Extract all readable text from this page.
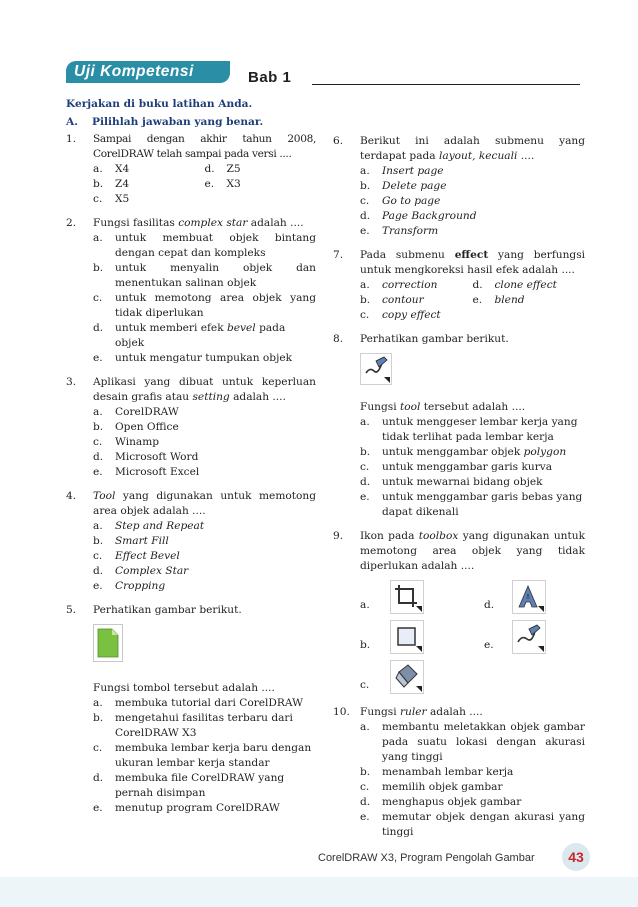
Uji Kompetensi	Bab 1
Kerjakan di buku latihan Anda.
A. Pilihlah jawaban yang benar.
1. Sampai dengan akhir tahun 2008, CorelDRAW telah sampai pada versi ....
a. X4	d. Z5
b. Z4	e. X3
c. X5
2. Fungsi fasilitas complex star adalah ....
a. untuk membuat objek bintang dengan cepat dan kompleks
b. untuk menyalin objek dan menentukan salinan objek
c. untuk memotong area objek yang tidak diperlukan
d. untuk memberi efek bevel pada objek
e. untuk mengatur tumpukan objek
3. Aplikasi yang dibuat untuk keperluan desain grafis atau setting adalah ....
a. CorelDRAW
b. Open Office
c. Winamp
d. Microsoft Word
e. Microsoft Excel
4. Tool yang digunakan untuk memotong area objek adalah ....
a. Step and Repeat
b. Smart Fill
c. Effect Bevel
d. Complex Star
e. Cropping
5. Perhatikan gambar berikut.
Fungsi tombol tersebut adalah ....
a. membuka tutorial dari CorelDRAW
b. mengetahui fasilitas terbaru dari CorelDRAW X3
c. membuka lembar kerja baru dengan ukuran lembar kerja standar
d. membuka file CorelDRAW yang pernah disimpan
e. menutup program CorelDRAW
6. Berikut ini adalah submenu yang terdapat pada layout, kecuali ....
a. Insert page
b. Delete page
c. Go to page
d. Page Background
e. Transform
7. Pada submenu effect yang berfungsi untuk mengkoreksi hasil efek adalah ....
a. correction	d. clone effect
b. contour	e. blend
c. copy effect
8. Perhatikan gambar berikut.
Fungsi tool tersebut adalah ....
a. untuk menggeser lembar kerja yang tidak terlihat pada lembar kerja
b. untuk menggambar objek polygon
c. untuk menggambar garis kurva
d. untuk mewarnai bidang objek
e. untuk menggambar garis bebas yang dapat dikenali
9. Ikon pada toolbox yang digunakan untuk memotong area objek yang tidak diperlukan adalah ....
a.	d.
b.	e.
c.
10. Fungsi ruler adalah ....
a. membantu meletakkan objek gambar pada suatu lokasi dengan akurasi yang tinggi
b. menambah lembar kerja
c. memilih objek gambar
d. menghapus objek gambar
e. memutar objek dengan akurasi yang tinggi
CorelDRAW X3, Program Pengolah Gambar	43
